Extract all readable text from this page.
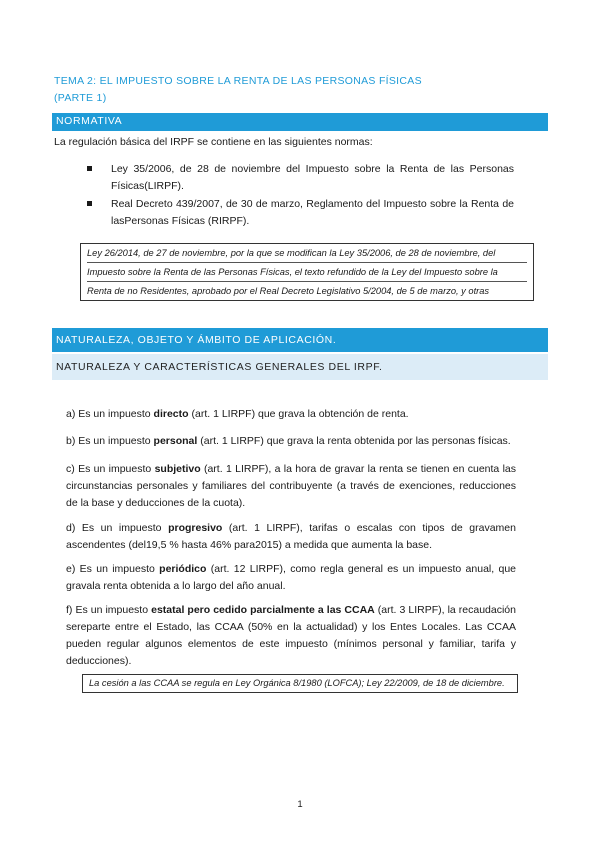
TEMA 2: EL IMPUESTO SOBRE LA RENTA DE LAS PERSONAS FÍSICAS
(PARTE 1)
NORMATIVA
La regulación básica del IRPF se contiene en las siguientes normas:
Ley 35/2006, de 28 de noviembre del Impuesto sobre la Renta de las Personas Físicas(LIRPF).
Real Decreto 439/2007, de 30 de marzo, Reglamento del Impuesto sobre la Renta de lasPersonas Físicas (RIRPF).
Ley 26/2014, de 27 de noviembre, por la que se modifican la Ley 35/2006, de 28 de noviembre, del
Impuesto sobre la Renta de las Personas Físicas, el texto refundido de la Ley del Impuesto sobre la
Renta de no Residentes, aprobado por el Real Decreto Legislativo 5/2004, de 5 de marzo, y otras
NATURALEZA, OBJETO Y ÁMBITO DE APLICACIÓN.
NATURALEZA Y CARACTERÍSTICAS GENERALES DEL IRPF.
a) Es un impuesto directo (art. 1 LIRPF) que grava la obtención de renta.
b) Es un impuesto personal (art. 1 LIRPF) que grava la renta obtenida por las personas físicas.
c) Es un impuesto subjetivo (art. 1 LIRPF), a la hora de gravar la renta se tienen en cuenta las circunstancias personales y familiares del contribuyente (a través de exenciones, reducciones de la base y deducciones de la cuota).
d) Es un impuesto progresivo (art. 1 LIRPF), tarifas o escalas con tipos de gravamen ascendentes (del19,5 % hasta 46% para2015) a medida que aumenta la base.
e) Es un impuesto periódico (art. 12 LIRPF), como regla general es un impuesto anual, que gravala renta obtenida a lo largo del año anual.
f) Es un impuesto estatal pero cedido parcialmente a las CCAA (art. 3 LIRPF), la recaudación sereparte entre el Estado, las CCAA (50% en la actualidad) y los Entes Locales. Las CCAA pueden regular algunos elementos de este impuesto (mínimos personal y familiar, tarifa y deducciones).
La cesión a las CCAA se regula en Ley Orgánica 8/1980 (LOFCA); Ley 22/2009, de 18 de diciembre.
1
